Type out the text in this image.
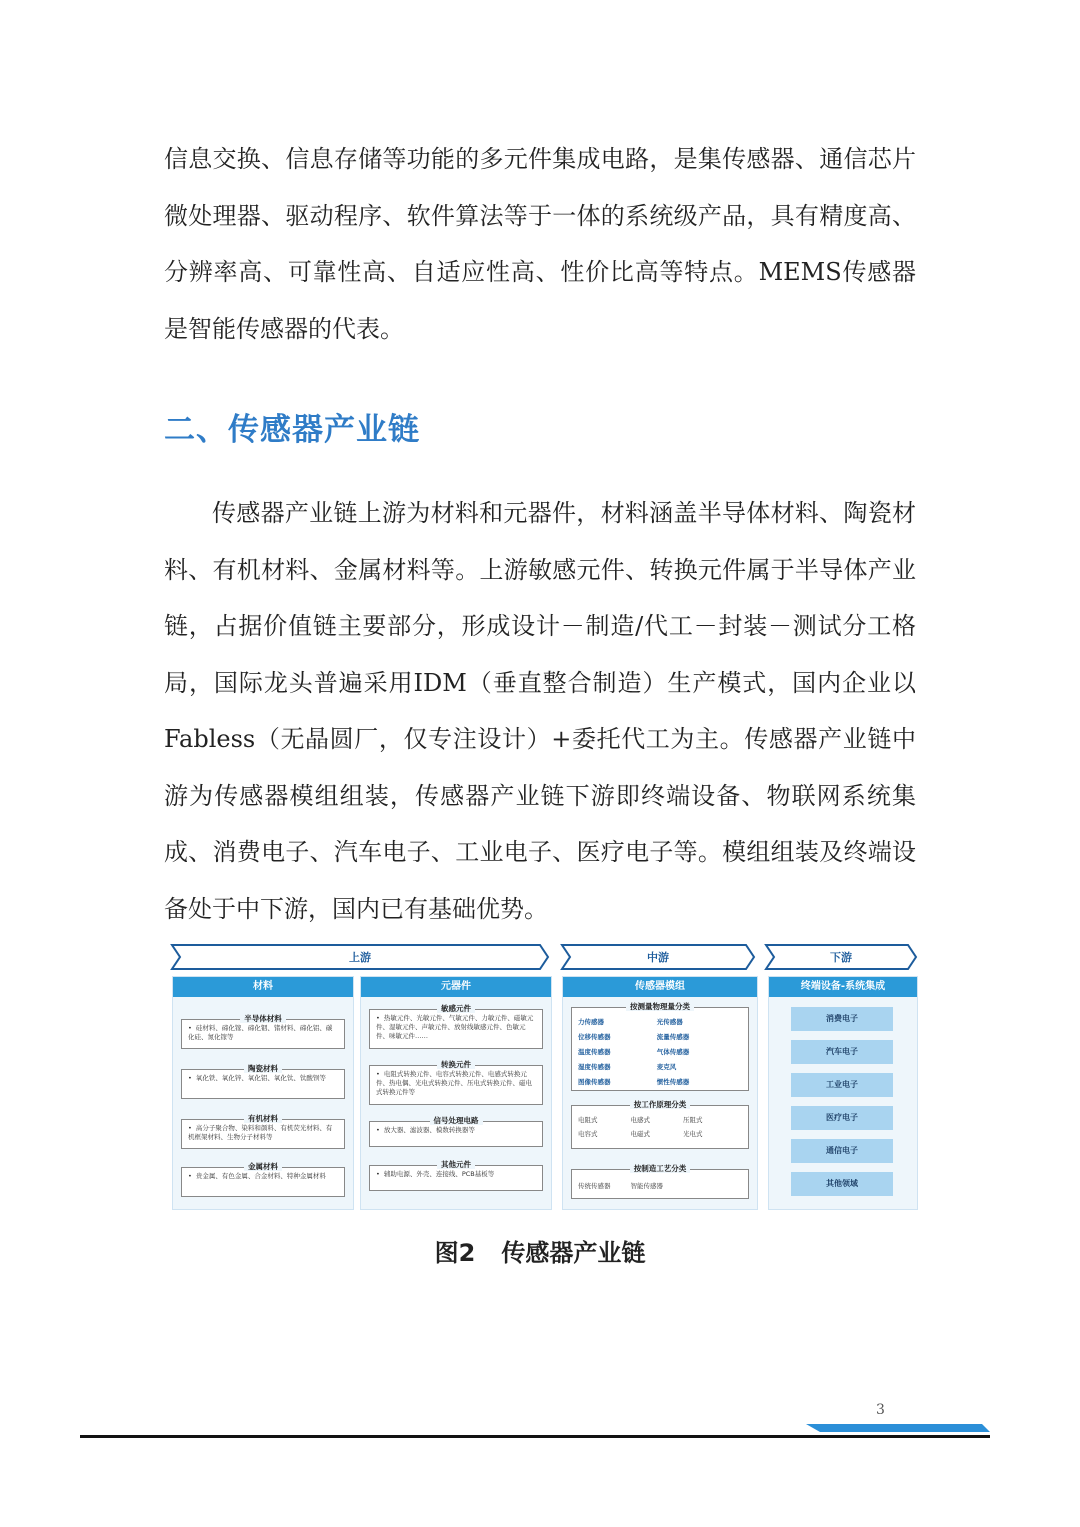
信息交换、信息存储等功能的多元件集成电路，是集传感器、通信芯片微处理器、驱动程序、软件算法等于一体的系统级产品，具有精度高、分辨率高、可靠性高、自适应性高、性价比高等特点。MEMS传感器是智能传感器的代表。

二、传感器产业链

传感器产业链上游为材料和元器件，材料涵盖半导体材料、陶瓷材料、有机材料、金属材料等。上游敏感元件、转换元件属于半导体产业链，占据价值链主要部分，形成设计－制造/代工－封装－测试分工格局，国际龙头普遍采用IDM（垂直整合制造）生产模式，国内企业以Fabless（无晶圆厂，仅专注设计）+委托代工为主。传感器产业链中游为传感器模组组装，传感器产业链下游即终端设备、物联网系统集成、消费电子、汽车电子、工业电子、医疗电子等。模组组装及终端设备处于中下游，国内已有基础优势。

上游	中游	下游
材料
半导体材料
• 硅材料、碲化镓、碲化铟、锗材料、碲化铝、碳化硅、氮化镓等
陶瓷材料
• 氧化铁、氧化锌、氧化铝、氧化钛、钛酸钡等
有机材料
• 高分子聚合物、染料和颜料、有机荧光材料、有机框架材料、生物分子材料等
金属材料
• 贵金属、有色金属、合金材料、特种金属材料
元器件
敏感元件
• 热敏元件、光敏元件、气敏元件、力敏元件、磁敏元件、湿敏元件、声敏元件、放射线敏感元件、色敏元件、味敏元件……
转换元件
• 电阻式转换元件、电容式转换元件、电感式转换元件、热电偶、光电式转换元件、压电式转换元件、磁电式转换元件等
信号处理电路
• 放大器、滤波器、模数转换器等
其他元件
• 辅助电源、外壳、连接线、PCB基板等
传感器模组
按测量物理量分类
力传感器	光传感器 位移传感器	流量传感器 温度传感器	气体传感器 湿度传感器	麦克风 图像传感器	惯性传感器
按工作原理分类
电阻式	电感式	压阻式 电容式	电磁式	光电式
按制造工艺分类
传统传感器	智能传感器
终端设备-系统集成
消费电子
汽车电子
工业电子
医疗电子
通信电子
其他领域
图2 传感器产业链
3
